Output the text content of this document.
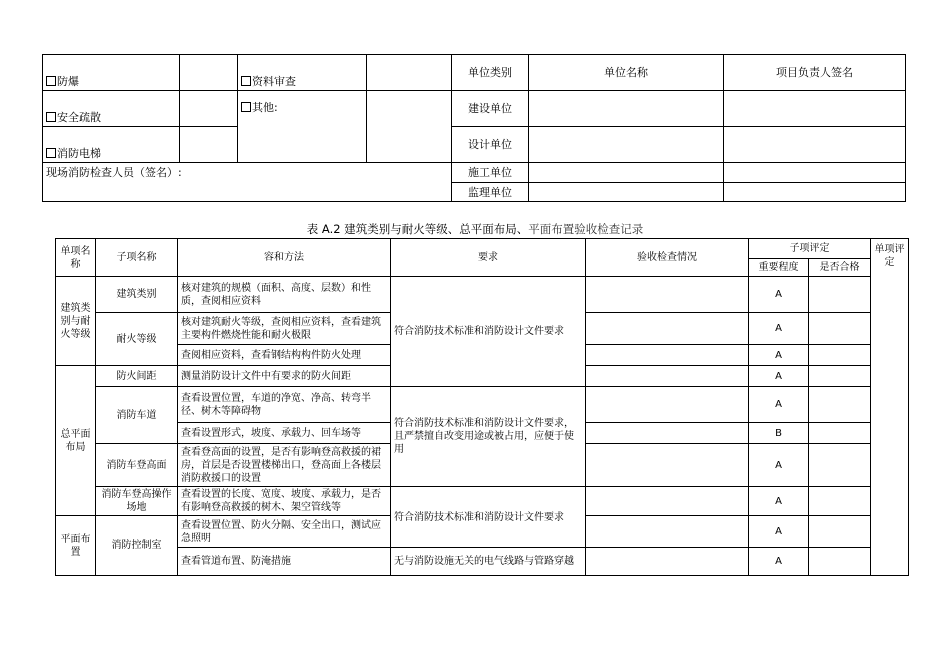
防爆		资料审查		单位类别	单位名称	项目负责人签名
安全疏散		其他:		建设单位		
消防电梯				设计单位		
现场消防检查人员（签名）:				施工单位		
				监理单位		
表 A.2 建筑类别与耐火等级、总平面布局、平面布置验收检查记录
单项名称	子项名称	容和方法	要求	验收检查情况	子项评定		单项评定
					重要程度	是否合格	
建筑类别与耐火等级	建筑类别	核对建筑的规模（面积、高度、层数）和性质，查阅相应资料	符合消防技术标准和消防设计文件要求		A		
	耐火等级	核对建筑耐火等级，查阅相应资料，查看建筑主要构件燃烧性能和耐火极限			A		
		查阅相应资料，查看钢结构构件防火处理			A		
总平面布局	防火间距	测量消防设计文件中有要求的防火间距			A		
	消防车道	查看设置位置，车道的净宽、净高、转弯半径、树木等障碍物	符合消防技术标准和消防设计文件要求，且严禁擅自改变用途或被占用，应便于使用		A		
		查看设置形式，坡度、承载力、回车场等			B		
	消防车登高面	查看登高面的设置，是否有影响登高救援的裙房，首层是否设置楼梯出口，登高面上各楼层消防救援口的设置			A		
	消防车登高操作场地	查看设置的长度、宽度、坡度、承载力，是否有影响登高救援的树木、架空管线等	符合消防技术标准和消防设计文件要求		A		
平面布置	消防控制室	查看设置位置、防火分隔、安全出口，测试应急照明			A		
		查看管道布置、防淹措施	无与消防设施无关的电气线路与管路穿越		A		
